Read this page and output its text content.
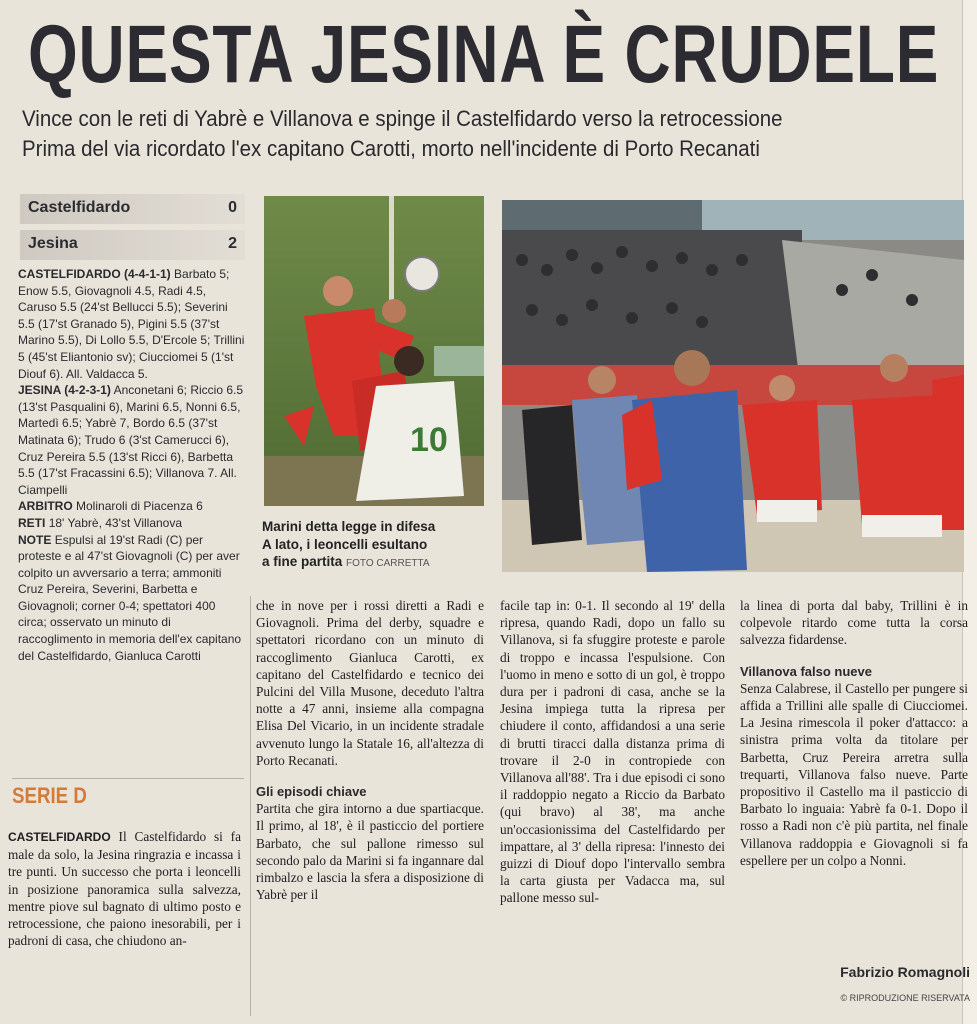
QUESTA JESINA È CRUDELE
Vince con le reti di Yabrè e Villanova e spinge il Castelfidardo verso la retrocessione
Prima del via ricordato l'ex capitano Carotti, morto nell'incidente di Porto Recanati
Castelfidardo	0
Jesina	2

CASTELFIDARDO (4-4-1-1) Barbato 5; Enow 5.5, Giovagnoli 4.5, Radi 4.5, Caruso 5.5 (24'st Bellucci 5.5); Severini 5.5 (17'st Granado 5), Pigini 5.5 (37'st Marino 5.5), Di Lollo 5.5, D'Ercole 5; Trillini 5 (45'st Eliantonio sv); Ciucciomei 5 (1'st Diouf 6). All. Valdacca 5.

JESINA (4-2-3-1) Anconetani 6; Riccio 6.5 (13'st Pasqualini 6), Marini 6.5, Nonni 6.5, Martedì 6.5; Yabrè 7, Bordo 6.5 (37'st Matinata 6); Trudo 6 (3'st Camerucci 6), Cruz Pereira 5.5 (13'st Ricci 6), Barbetta 5.5 (17'st Fracassini 6.5); Villanova 7. All. Ciampelli

ARBITRO Molinaroli di Piacenza 6

RETI 18' Yabrè, 43'st Villanova

NOTE Espulsi al 19'st Radi (C) per proteste e al 47'st Giovagnoli (C) per aver colpito un avversario a terra; ammoniti Cruz Pereira, Severini, Barbetta e Giovagnoli; corner 0-4; spettatori 400 circa; osservato un minuto di raccoglimento in memoria dell'ex capitano del Castelfidardo, Gianluca Carotti

SERIE D
10
Marini detta legge in difesa
A lato, i leoncelli esultano
a fine partita FOTO CARRETTA
CASTELFIDARDO Il Castelfidardo si fa male da solo, la Jesina ringrazia e incassa i tre punti. Un successo che porta i leoncelli in posizione panoramica sulla salvezza, mentre piove sul bagnato di ultimo posto e retrocessione, che paiono inesorabili, per i padroni di casa, che chiudono an-
che in nove per i rossi diretti a Radi e Giovagnoli. Prima del derby, squadre e spettatori ricordano con un minuto di raccoglimento Gianluca Carotti, ex capitano del Castelfidardo e tecnico dei Pulcini del Villa Musone, deceduto l'altra notte a 47 anni, insieme alla compagna Elisa Del Vicario, in un incidente stradale avvenuto lungo la Statale 16, all'altezza di Porto Recanati.
Gli episodi chiave
Partita che gira intorno a due spartiacque. Il primo, al 18', è il pasticcio del portiere Barbato, che sul pallone rimesso sul secondo palo da Marini si fa ingannare dal rimbalzo e lascia la sfera a disposizione di Yabrè per il
facile tap in: 0-1. Il secondo al 19' della ripresa, quando Radi, dopo un fallo su Villanova, si fa sfuggire proteste e parole di troppo e incassa l'espulsione. Con l'uomo in meno e sotto di un gol, è troppo dura per i padroni di casa, anche se la Jesina impiega tutta la ripresa per chiudere il conto, affidandosi a una serie di brutti tiracci dalla distanza prima di trovare il 2-0 in contropiede con Villanova all'88'. Tra i due episodi ci sono il raddoppio negato a Riccio da Barbato (qui bravo) al 38', ma anche un'occasionissima del Castelfidardo per impattare, al 3' della ripresa: l'innesto dei guizzi di Diouf dopo l'intervallo sembra la carta giusta per Vadacca ma, sul pallone messo sul-
la linea di porta dal baby, Trillini è in colpevole ritardo come tutta la corsa salvezza fidardense.
Villanova falso nueve
Senza Calabrese, il Castello per pungere si affida a Trillini alle spalle di Ciucciomei. La Jesina rimescola il poker d'attacco: a sinistra prima volta da titolare per Barbetta, Cruz Pereira arretra sulla trequarti, Villanova falso nueve. Parte propositivo il Castello ma il pasticcio di Barbato lo inguaia: Yabrè fa 0-1. Dopo il rosso a Radi non c'è più partita, nel finale Villanova raddoppia e Giovagnoli si fa espellere per un colpo a Nonni.
Fabrizio Romagnoli
© RIPRODUZIONE RISERVATA
